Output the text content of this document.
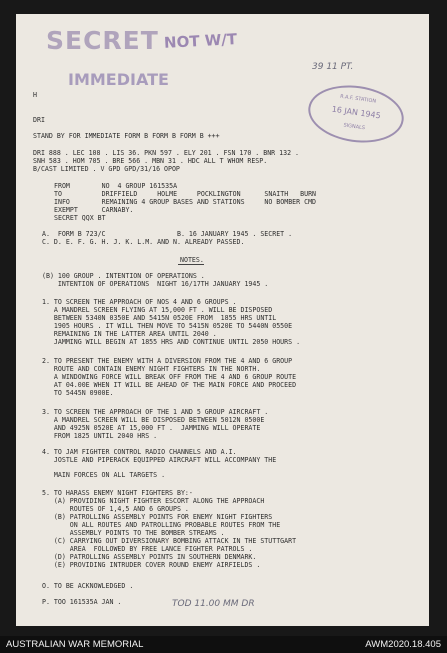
SECRET NOT W/T
IMMEDIATE
39 11 PT.
R.A.F. STATION
16 JAN 1945
SIGNALS
H
DRI
STAND BY FOR IMMEDIATE FORM B FORM B FORM B +++
DRI 888 . LEC 108 . LIS 36. PKN 597 . ELY 201 . FSN 170 . BNR 132 .
SNH 583 . HOM 705 . BRE 566 . MBN 31 . HDC ALL T WHOM RESP.
B/CAST LIMITED . V GPD GPD/31/16 OPOP
FROM        NO  4 GROUP 161535A
TO          DRIFFIELD     HOLME     POCKLINGTON      SNAITH   BURN
INFO        REMAINING 4 GROUP BASES AND STATIONS     NO BOMBER CMD
EXEMPT      CARNABY.
SECRET QQX BT
A.  FORM B 723/C                  B. 16 JANUARY 1945 . SECRET .
C. D. E. F. G. H. J. K. L.M. AND N. ALREADY PASSED.
NOTES.
(B) 100 GROUP . INTENTION OF OPERATIONS .
INTENTION OF OPERATIONS  NIGHT 16/17TH JANUARY 1945 .
1. TO SCREEN THE APPROACH OF NOS 4 AND 6 GROUPS .
A MANDREL SCREEN FLYING AT 15,000 FT . WILL BE DISPOSED
BETWEEN 5340N 0350E AND 5415N 0520E FROM  1855 HRS UNTIL
1905 HOURS . IT WILL THEN MOVE TO 5415N 0520E TO 5440N 0550E
REMAINING IN THE LATTER AREA UNTIL 2040 .
JAMMING WILL BEGIN AT 1855 HRS AND CONTINUE UNTIL 2050 HOURS .
2. TO PRESENT THE ENEMY WITH A DIVERSION FROM THE 4 AND 6 GROUP
ROUTE AND CONTAIN ENEMY NIGHT FIGHTERS IN THE NORTH.
A WINDOWING FORCE WILL BREAK OFF FROM THE 4 AND 6 GROUP ROUTE
AT 04.00E WHEN IT WILL BE AHEAD OF THE MAIN FORCE AND PROCEED
TO 5445N 0900E.
3. TO SCREEN THE APPROACH OF THE 1 AND 5 GROUP AIRCRAFT .
A MANDREL SCREEN WILL BE DISPOSED BETWEEN 5012N 0500E
AND 4925N 0520E AT 15,000 FT .  JAMMING WILL OPERATE
FROM 1825 UNTIL 2040 HRS .
4. TO JAM FIGHTER CONTROL RADIO CHANNELS AND A.I.
JOSTLE AND PIPERACK EQUIPPED AIRCRAFT WILL ACCOMPANY THE
MAIN FORCES ON ALL TARGETS .
5. TO HARASS ENEMY NIGHT FIGHTERS BY:-
(A) PROVIDING NIGHT FIGHTER ESCORT ALONG THE APPROACH
ROUTES OF 1,4,5 AND 6 GROUPS .
(B) PATROLLING ASSEMBLY POINTS FOR ENEMY NIGHT FIGHTERS
ON ALL ROUTES AND PATROLLING PROBABLE ROUTES FROM THE
ASSEMBLY POINTS TO THE BOMBER STREAMS .
(C) CARRYING OUT DIVERSIONARY BOMBING ATTACK IN THE STUTTGART
AREA  FOLLOWED BY FREE LANCE FIGHTER PATROLS .
(D) PATROLLING ASSEMBLY POINTS IN SOUTHERN DENMARK.
(E) PROVIDING INTRUDER COVER ROUND ENEMY AIRFIELDS .
O. TO BE ACKNOWLEDGED .
P. TOO 161535A JAN .	TOD 11.00 MM DR
AUSTRALIAN WAR MEMORIAL	AWM2020.18.405
